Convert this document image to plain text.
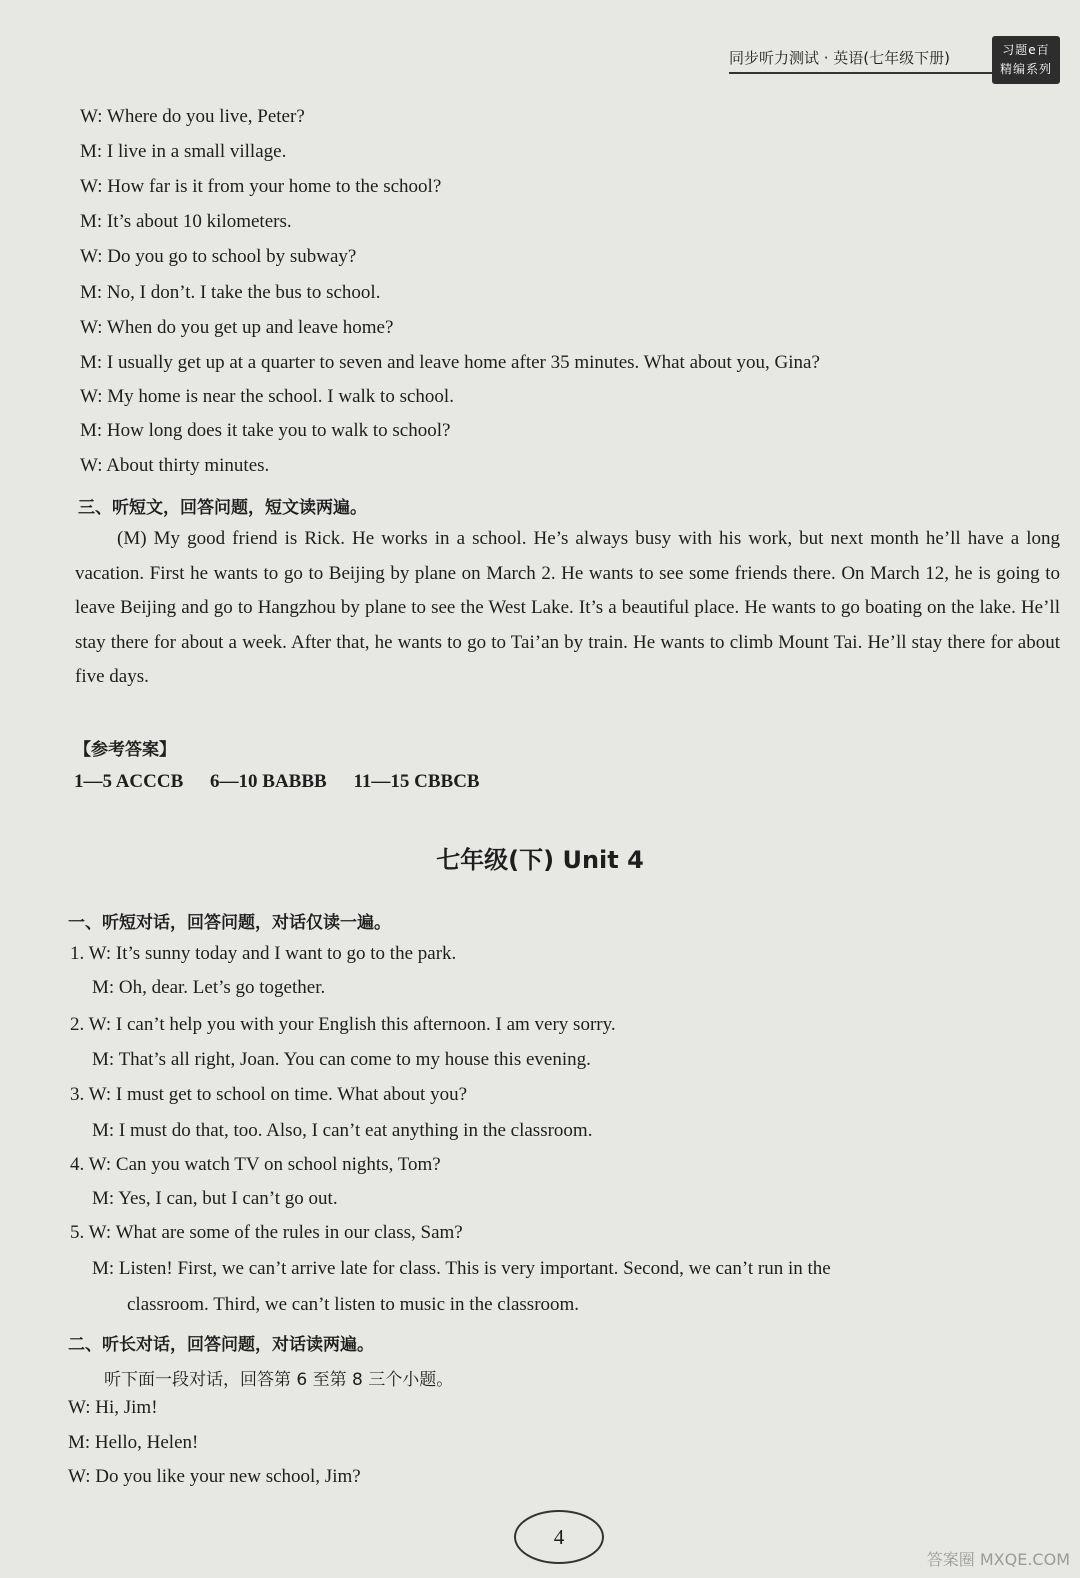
同步听力测试 · 英语(七年级下册)	习题e百
精编系列
W: Where do you live, Peter?
M: I live in a small village.
W: How far is it from your home to the school?
M: It’s about 10 kilometers.
W: Do you go to school by subway?
M: No, I don’t. I take the bus to school.
W: When do you get up and leave home?
M: I usually get up at a quarter to seven and leave home after 35 minutes. What about you, Gina?
W: My home is near the school. I walk to school.
M: How long does it take you to walk to school?
W: About thirty minutes.
三、听短文，回答问题，短文读两遍。
(M) My good friend is Rick. He works in a school. He’s always busy with his work, but next month he’ll have a long vacation. First he wants to go to Beijing by plane on March 2. He wants to see some friends there. On March 12, he is going to leave Beijing and go to Hangzhou by plane to see the West Lake. It’s a beautiful place. He wants to go boating on the lake. He’ll stay there for about a week. After that, he wants to go to Tai’an by train. He wants to climb Mount Tai. He’ll stay there for about five days.
【参考答案】
1—5 ACCCB 6—10 BABBB 11—15 CBBCB
七年级(下) Unit 4
一、听短对话，回答问题，对话仅读一遍。
1. W: It’s sunny today and I want to go to the park.
M: Oh, dear. Let’s go together.
2. W: I can’t help you with your English this afternoon. I am very sorry.
M: That’s all right, Joan. You can come to my house this evening.
3. W: I must get to school on time. What about you?
M: I must do that, too. Also, I can’t eat anything in the classroom.
4. W: Can you watch TV on school nights, Tom?
M: Yes, I can, but I can’t go out.
5. W: What are some of the rules in our class, Sam?
M: Listen! First, we can’t arrive late for class. This is very important. Second, we can’t run in the
classroom. Third, we can’t listen to music in the classroom.
二、听长对话，回答问题，对话读两遍。
听下面一段对话，回答第 6 至第 8 三个小题。
W: Hi, Jim!
M: Hello, Helen!
W: Do you like your new school, Jim?
4
答案圈 MXQE.COM
